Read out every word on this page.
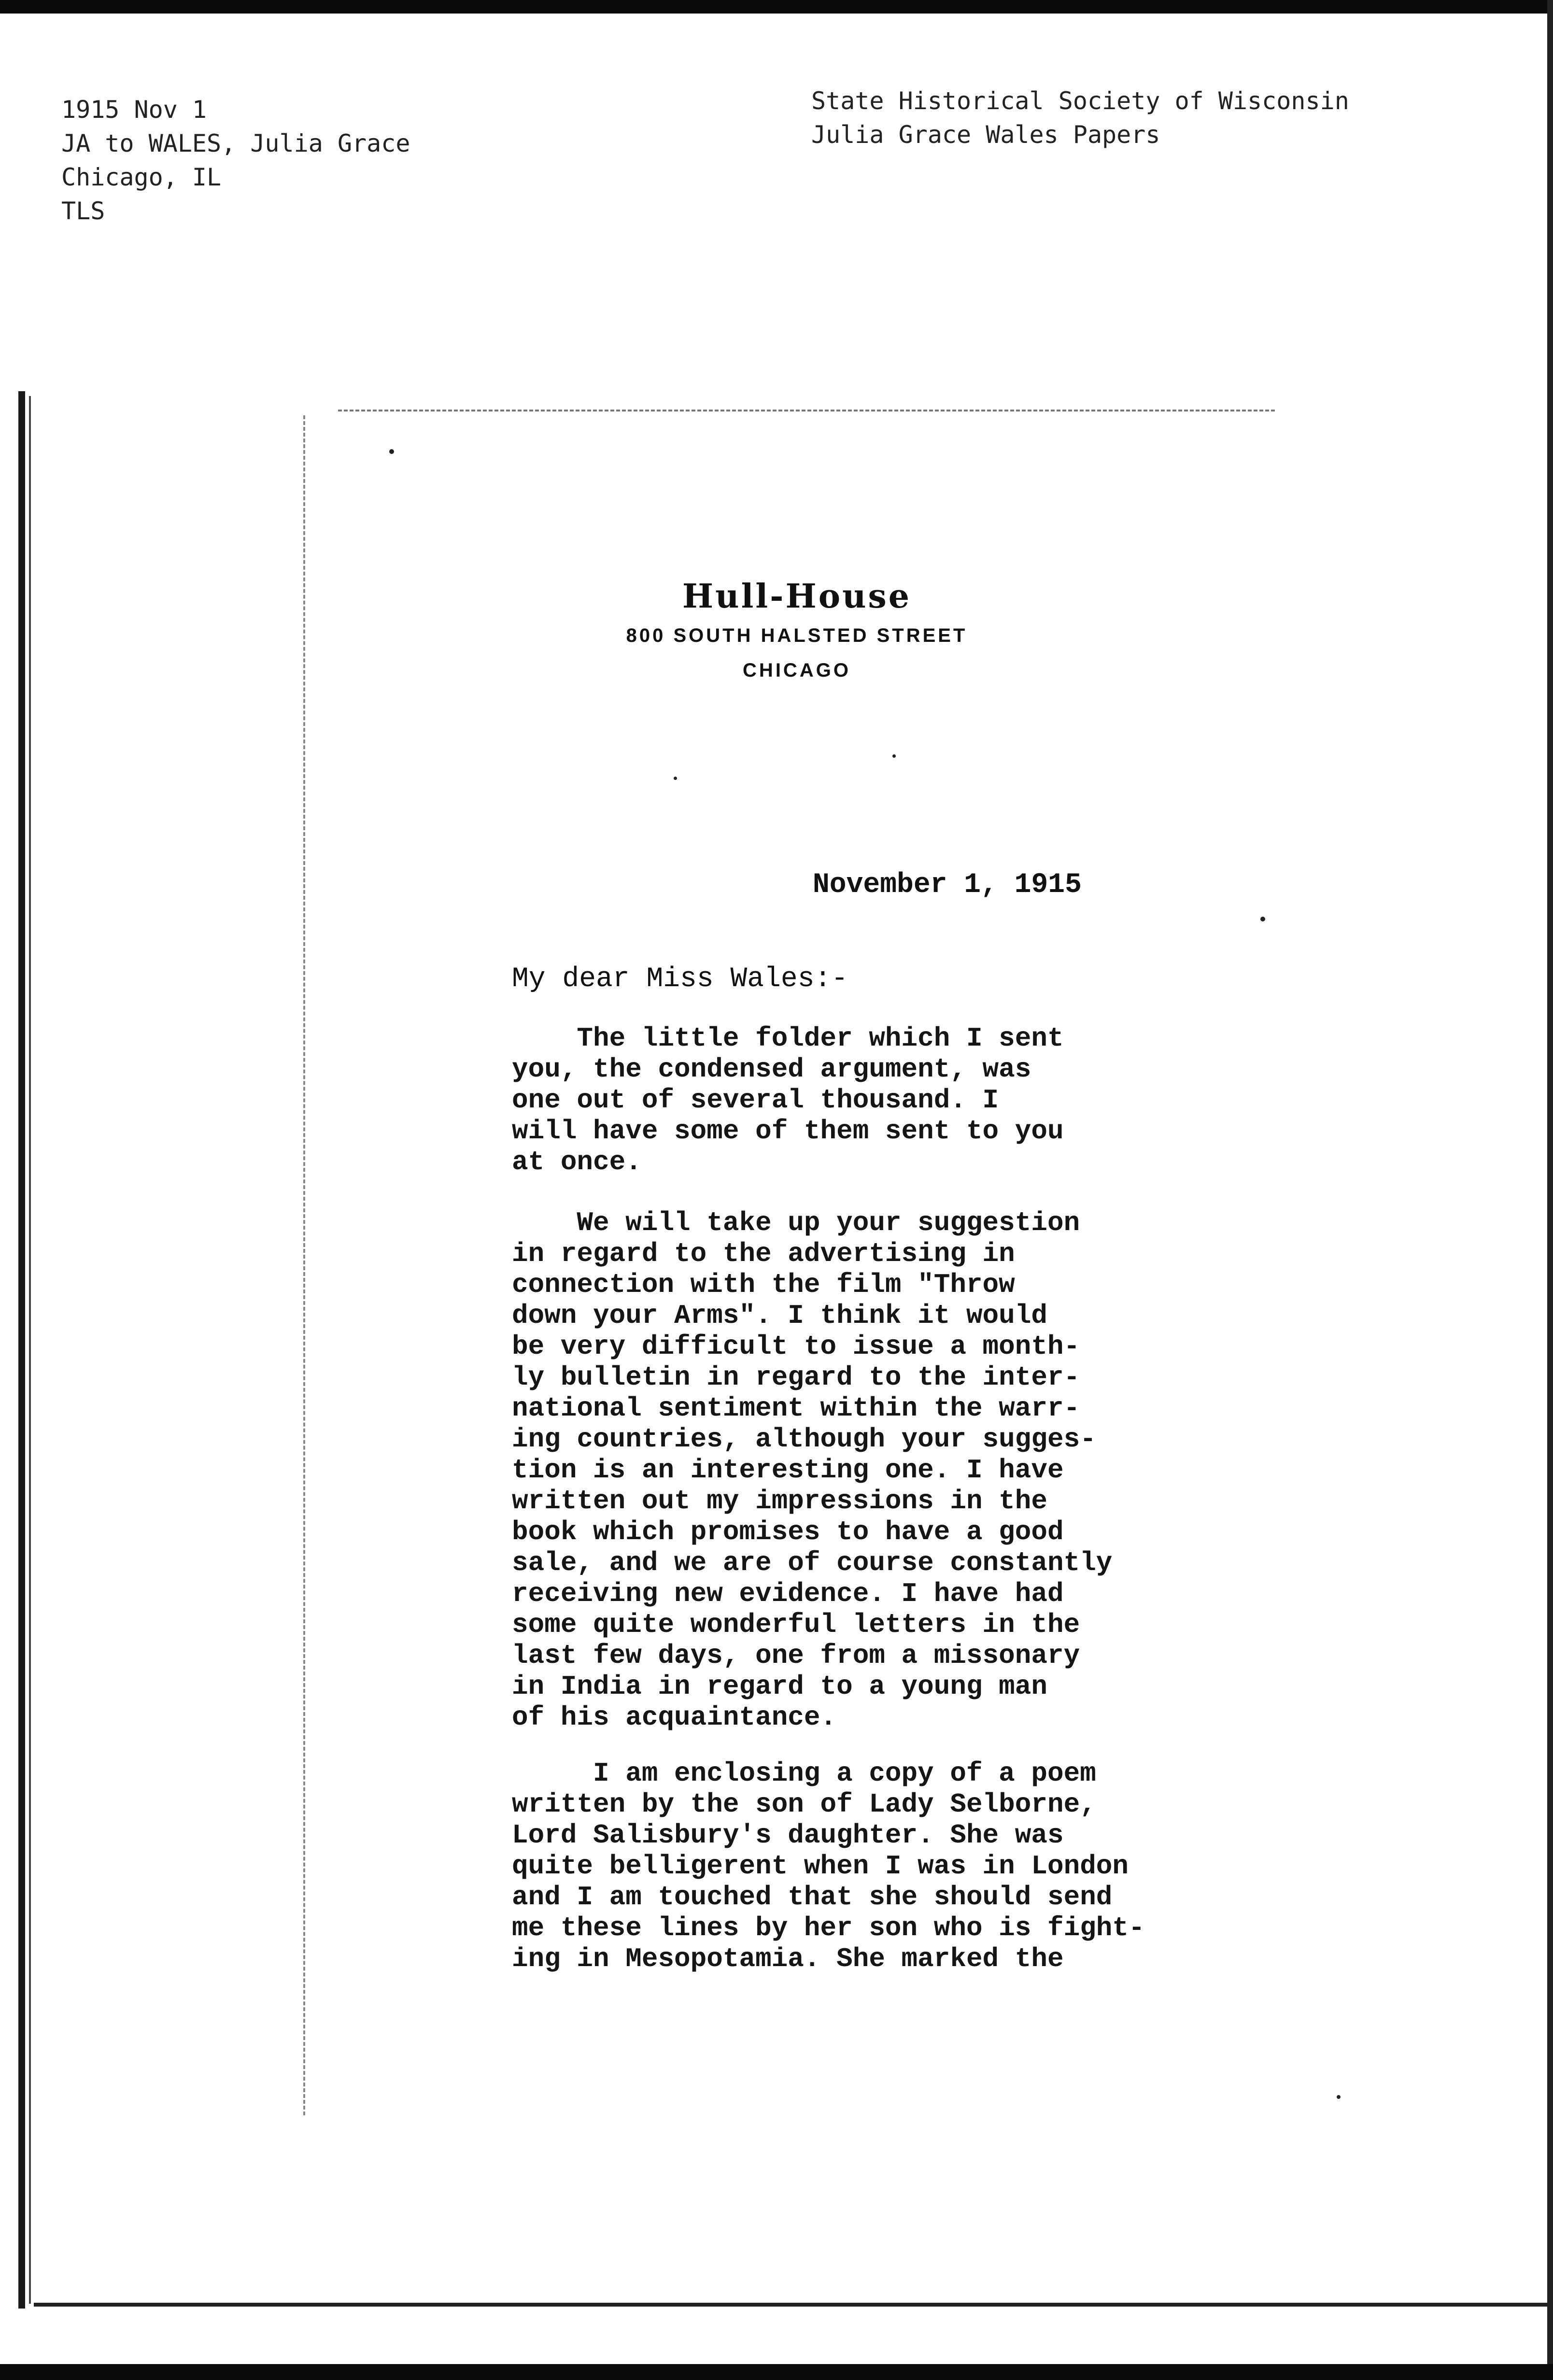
1915 Nov 1
JA to WALES, Julia Grace
Chicago, IL
TLS
State Historical Society of Wisconsin
Julia Grace Wales Papers
Hull-House
800 SOUTH HALSTED STREET
CHICAGO
November 1, 1915
My dear Miss Wales:-
The little folder which I sent
you, the condensed argument, was
one out of several thousand. I
will have some of them sent to you
at once.
We will take up your suggestion
in regard to the advertising in
connection with the film "Throw
down your Arms". I think it would
be very difficult to issue a month-
ly bulletin in regard to the inter-
national sentiment within the warr-
ing countries, although your sugges-
tion is an interesting one. I have
written out my impressions in the
book which promises to have a good
sale, and we are of course constantly
receiving new evidence. I have had
some quite wonderful letters in the
last few days, one from a missonary
in India in regard to a young man
of his acquaintance.
I am enclosing a copy of a poem
written by the son of Lady Selborne,
Lord Salisbury's daughter. She was
quite belligerent when I was in London
and I am touched that she should send
me these lines by her son who is fight-
ing in Mesopotamia. She marked the
